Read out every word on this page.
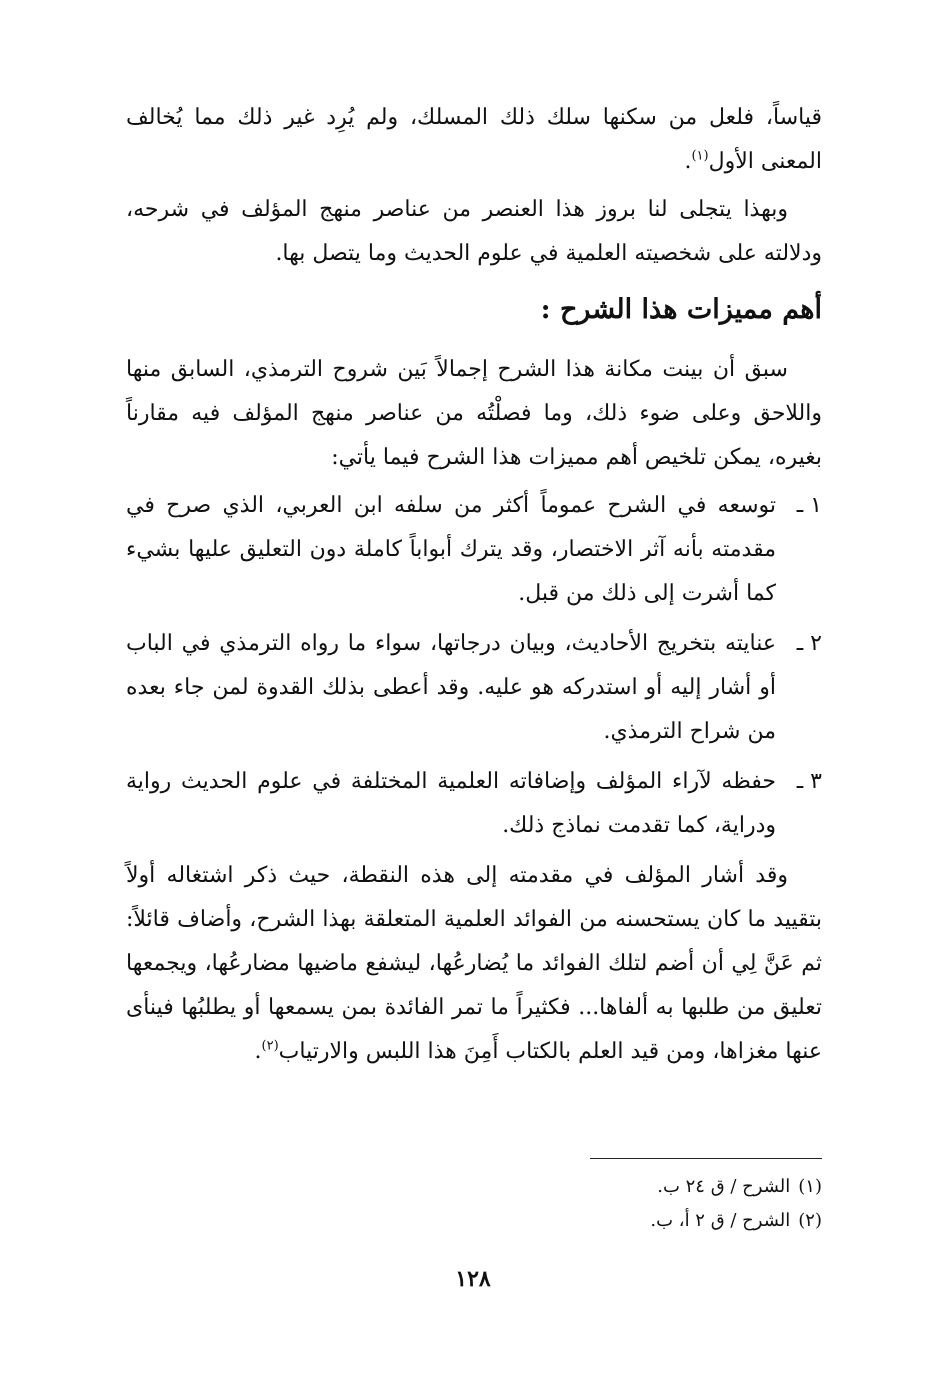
قياساً، فلعل من سكنها سلك ذلك المسلك، ولم يُرِد غير ذلك مما يُخالف المعنى الأول$^{(١)}$.

وبهذا يتجلى لنا بروز هذا العنصر من عناصر منهج المؤلف في شرحه، ودلالته على شخصيته العلمية في علوم الحديث وما يتصل بها.

أهم مميزات هذا الشرح :

سبق أن بينت مكانة هذا الشرح إجمالاً بَين شروح الترمذي، السابق منها واللاحق وعلى ضوء ذلك، وما فصلْتُه من عناصر منهج المؤلف فيه مقارناً بغيره، يمكن تلخيص أهم مميزات هذا الشرح فيما يأتي:

١ ـ
توسعه في الشرح عموماً أكثر من سلفه ابن العربي، الذي صرح في مقدمته بأنه آثر الاختصار، وقد يترك أبواباً كاملة دون التعليق عليها بشيء كما أشرت إلى ذلك من قبل.
٢ ـ
عنايته بتخريج الأحاديث، وبيان درجاتها، سواء ما رواه الترمذي في الباب أو أشار إليه أو استدركه هو عليه. وقد أعطى بذلك القدوة لمن جاء بعده من شراح الترمذي.
٣ ـ
حفظه لآراء المؤلف وإضافاته العلمية المختلفة في علوم الحديث رواية ودراية، كما تقدمت نماذج ذلك.

وقد أشار المؤلف في مقدمته إلى هذه النقطة، حيث ذكر اشتغاله أولاً بتقييد ما كان يستحسنه من الفوائد العلمية المتعلقة بهذا الشرح، وأضاف قائلاً: ثم عَنَّ لِي أن أضم لتلك الفوائد ما يُضارعُها، ليشفع ماضيها مضارعُها، ويجمعها تعليق من طلبها به ألفاها... فكثيراً ما تمر الفائدة بمن يسمعها أو يطلبُها فينأى عنها مغزاها، ومن قيد العلم بالكتاب أَمِنَ هذا اللبس والارتياب$^{(٢)}$.

(١)الشرح / ق ٢٤ ب.
(٢)الشرح / ق ٢ أ، ب.
١٢٨
